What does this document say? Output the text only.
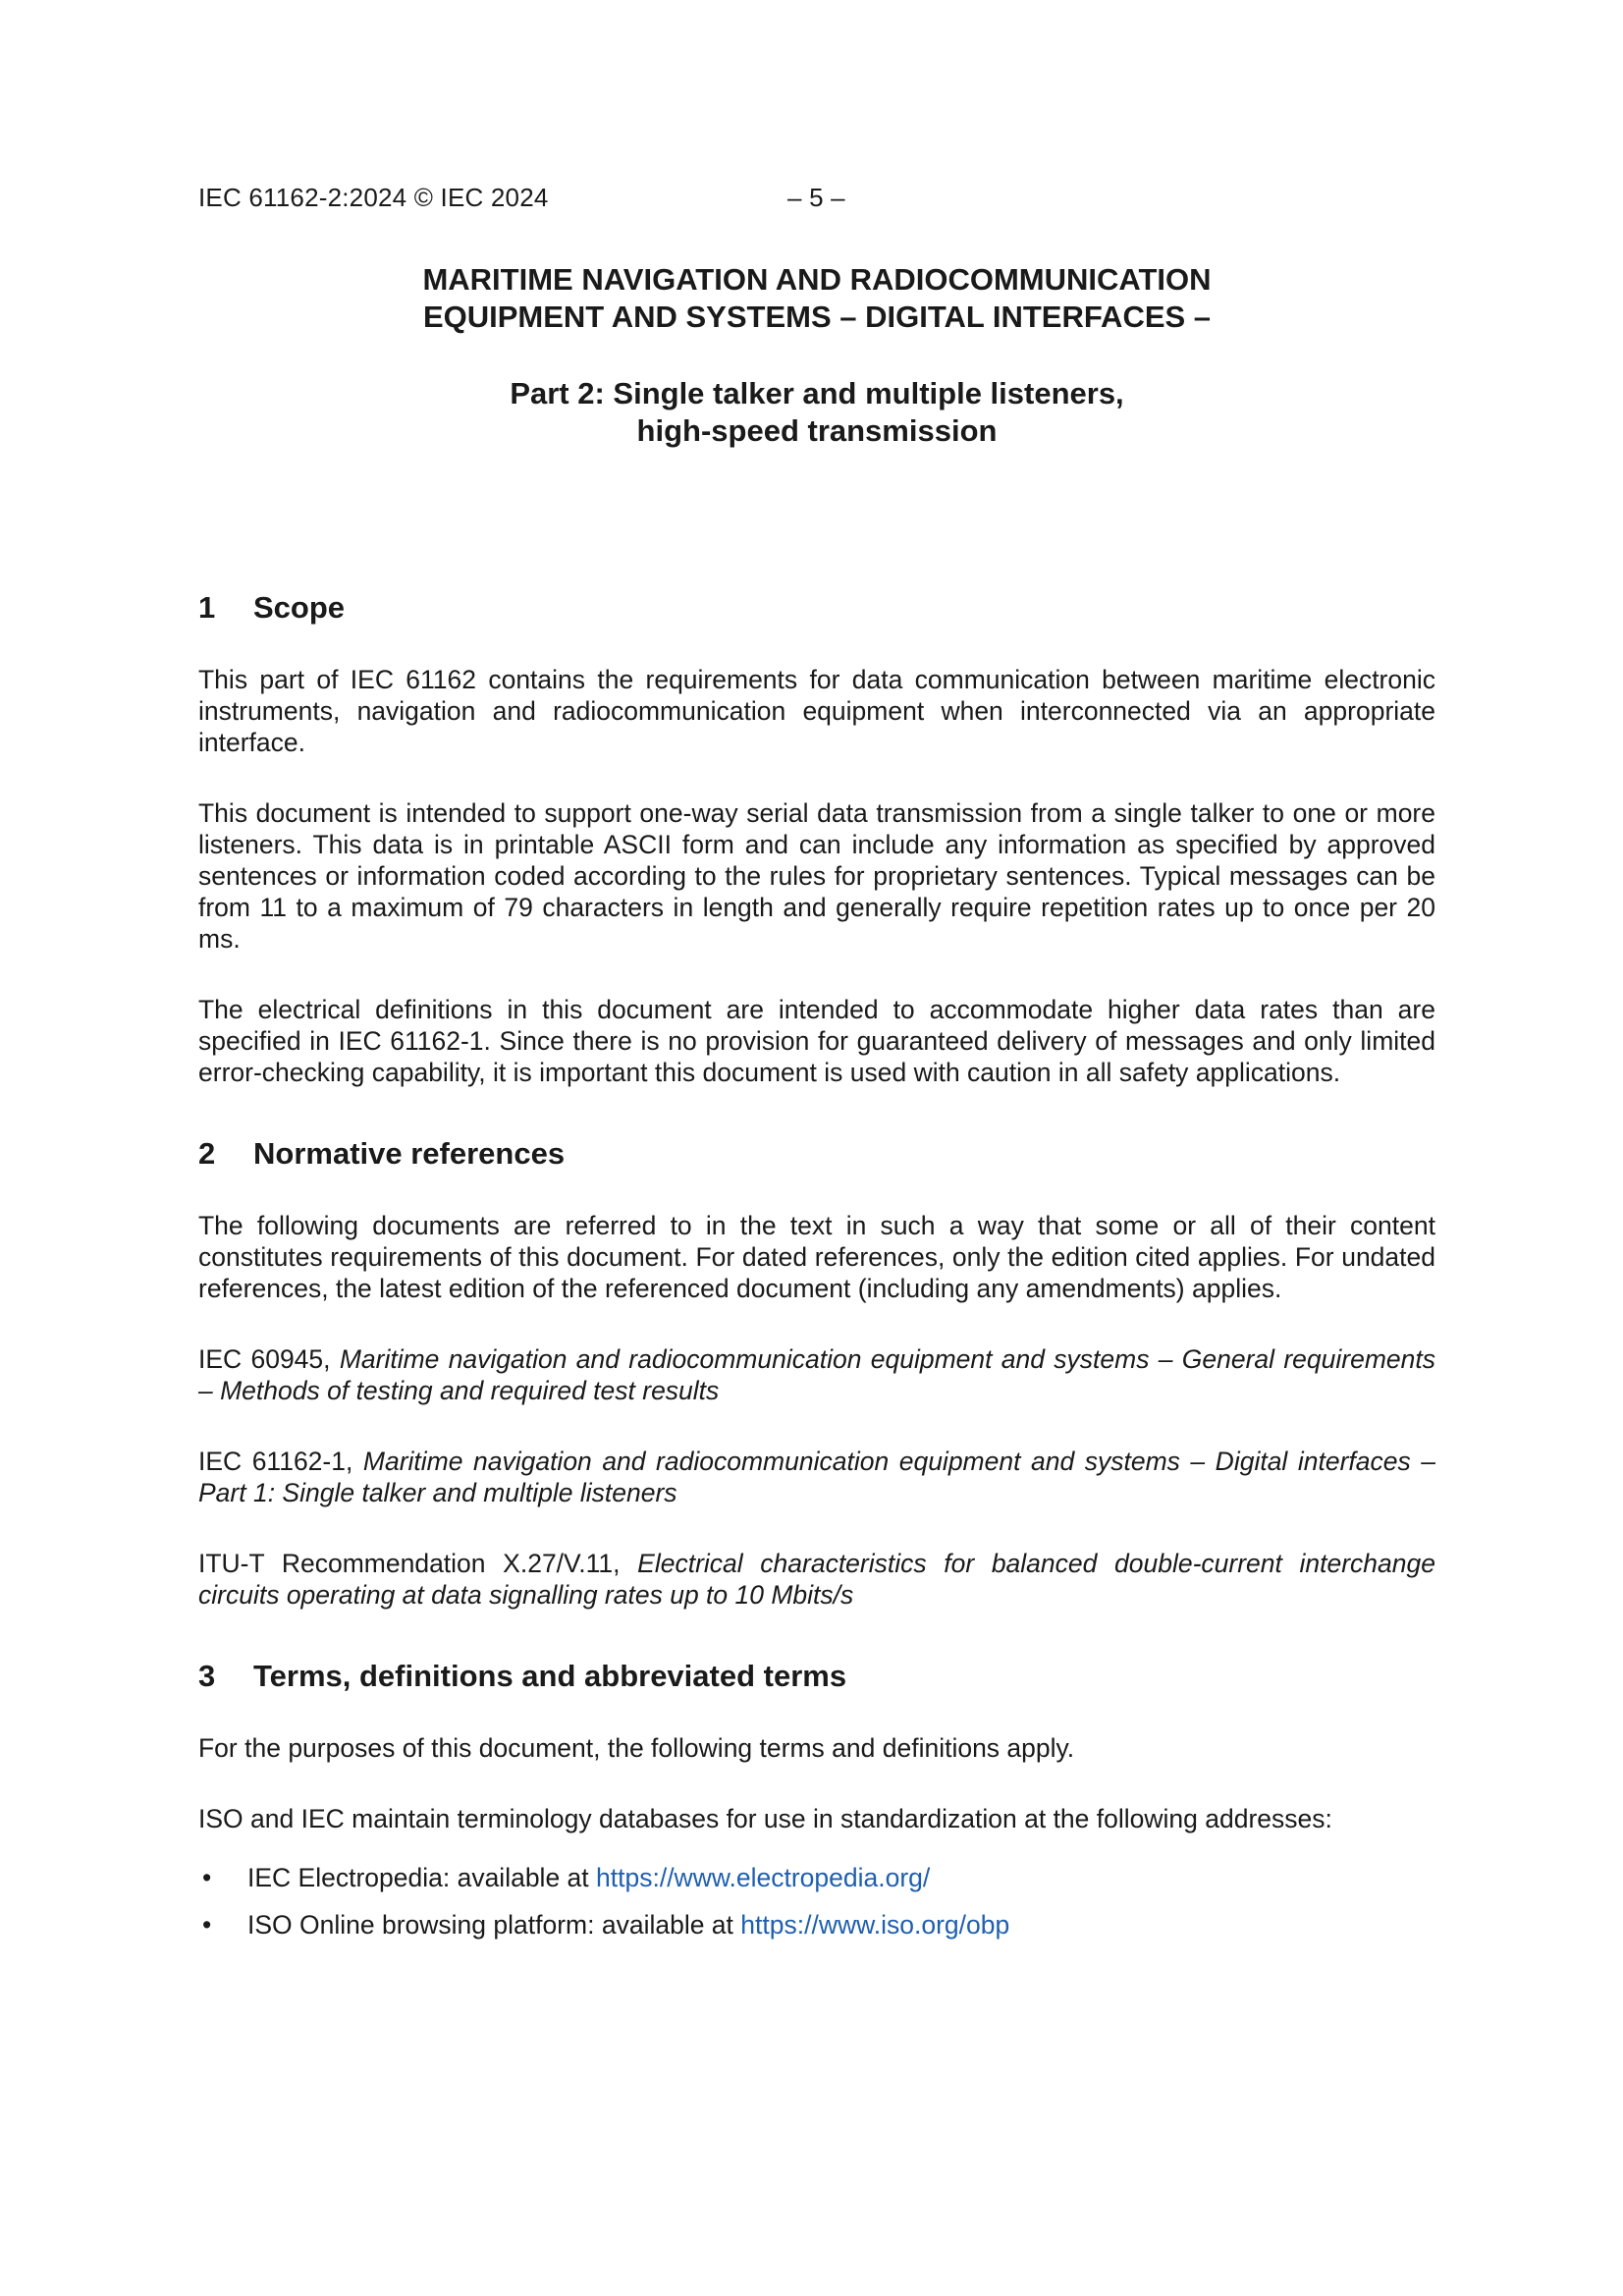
IEC 61162-2:2024 © IEC 2024	– 5 –
MARITIME NAVIGATION AND RADIOCOMMUNICATION
EQUIPMENT AND SYSTEMS – DIGITAL INTERFACES –
Part 2: Single talker and multiple listeners,
high-speed transmission
1	Scope

This part of IEC 61162 contains the requirements for data communication between maritime electronic instruments, navigation and radiocommunication equipment when interconnected via an appropriate interface.

This document is intended to support one-way serial data transmission from a single talker to one or more listeners. This data is in printable ASCII form and can include any information as specified by approved sentences or information coded according to the rules for proprietary sentences. Typical messages can be from 11 to a maximum of 79 characters in length and generally require repetition rates up to once per 20 ms.

The electrical definitions in this document are intended to accommodate higher data rates than are specified in IEC 61162-1. Since there is no provision for guaranteed delivery of messages and only limited error-checking capability, it is important this document is used with caution in all safety applications.

2	Normative references

The following documents are referred to in the text in such a way that some or all of their content constitutes requirements of this document. For dated references, only the edition cited applies. For undated references, the latest edition of the referenced document (including any amendments) applies.

IEC 60945, Maritime navigation and radiocommunication equipment and systems – General requirements – Methods of testing and required test results

IEC 61162-1, Maritime navigation and radiocommunication equipment and systems – Digital interfaces – Part 1: Single talker and multiple listeners

ITU-T Recommendation X.27/V.11, Electrical characteristics for balanced double-current interchange circuits operating at data signalling rates up to 10 Mbits/s

3	Terms, definitions and abbreviated terms

For the purposes of this document, the following terms and definitions apply.

ISO and IEC maintain terminology databases for use in standardization at the following addresses:

•	IEC Electropedia: available at https://www.electropedia.org/
•	ISO Online browsing platform: available at https://www.iso.org/obp
